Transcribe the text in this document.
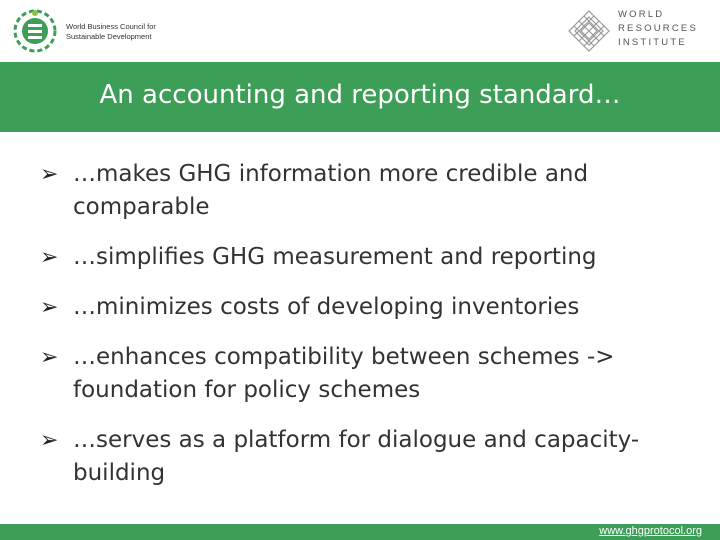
World Business Council for
Sustainable Development
WORLD
RESOURCES
INSTITUTE
An accounting and reporting standard…
➢ …makes GHG information more credible and comparable
➢ …simplifies GHG measurement and reporting
➢ …minimizes costs of developing inventories
➢ …enhances compatibility between schemes -> foundation for policy schemes
➢ …serves as a platform for dialogue and capacity-building
www.ghgprotocol.org
